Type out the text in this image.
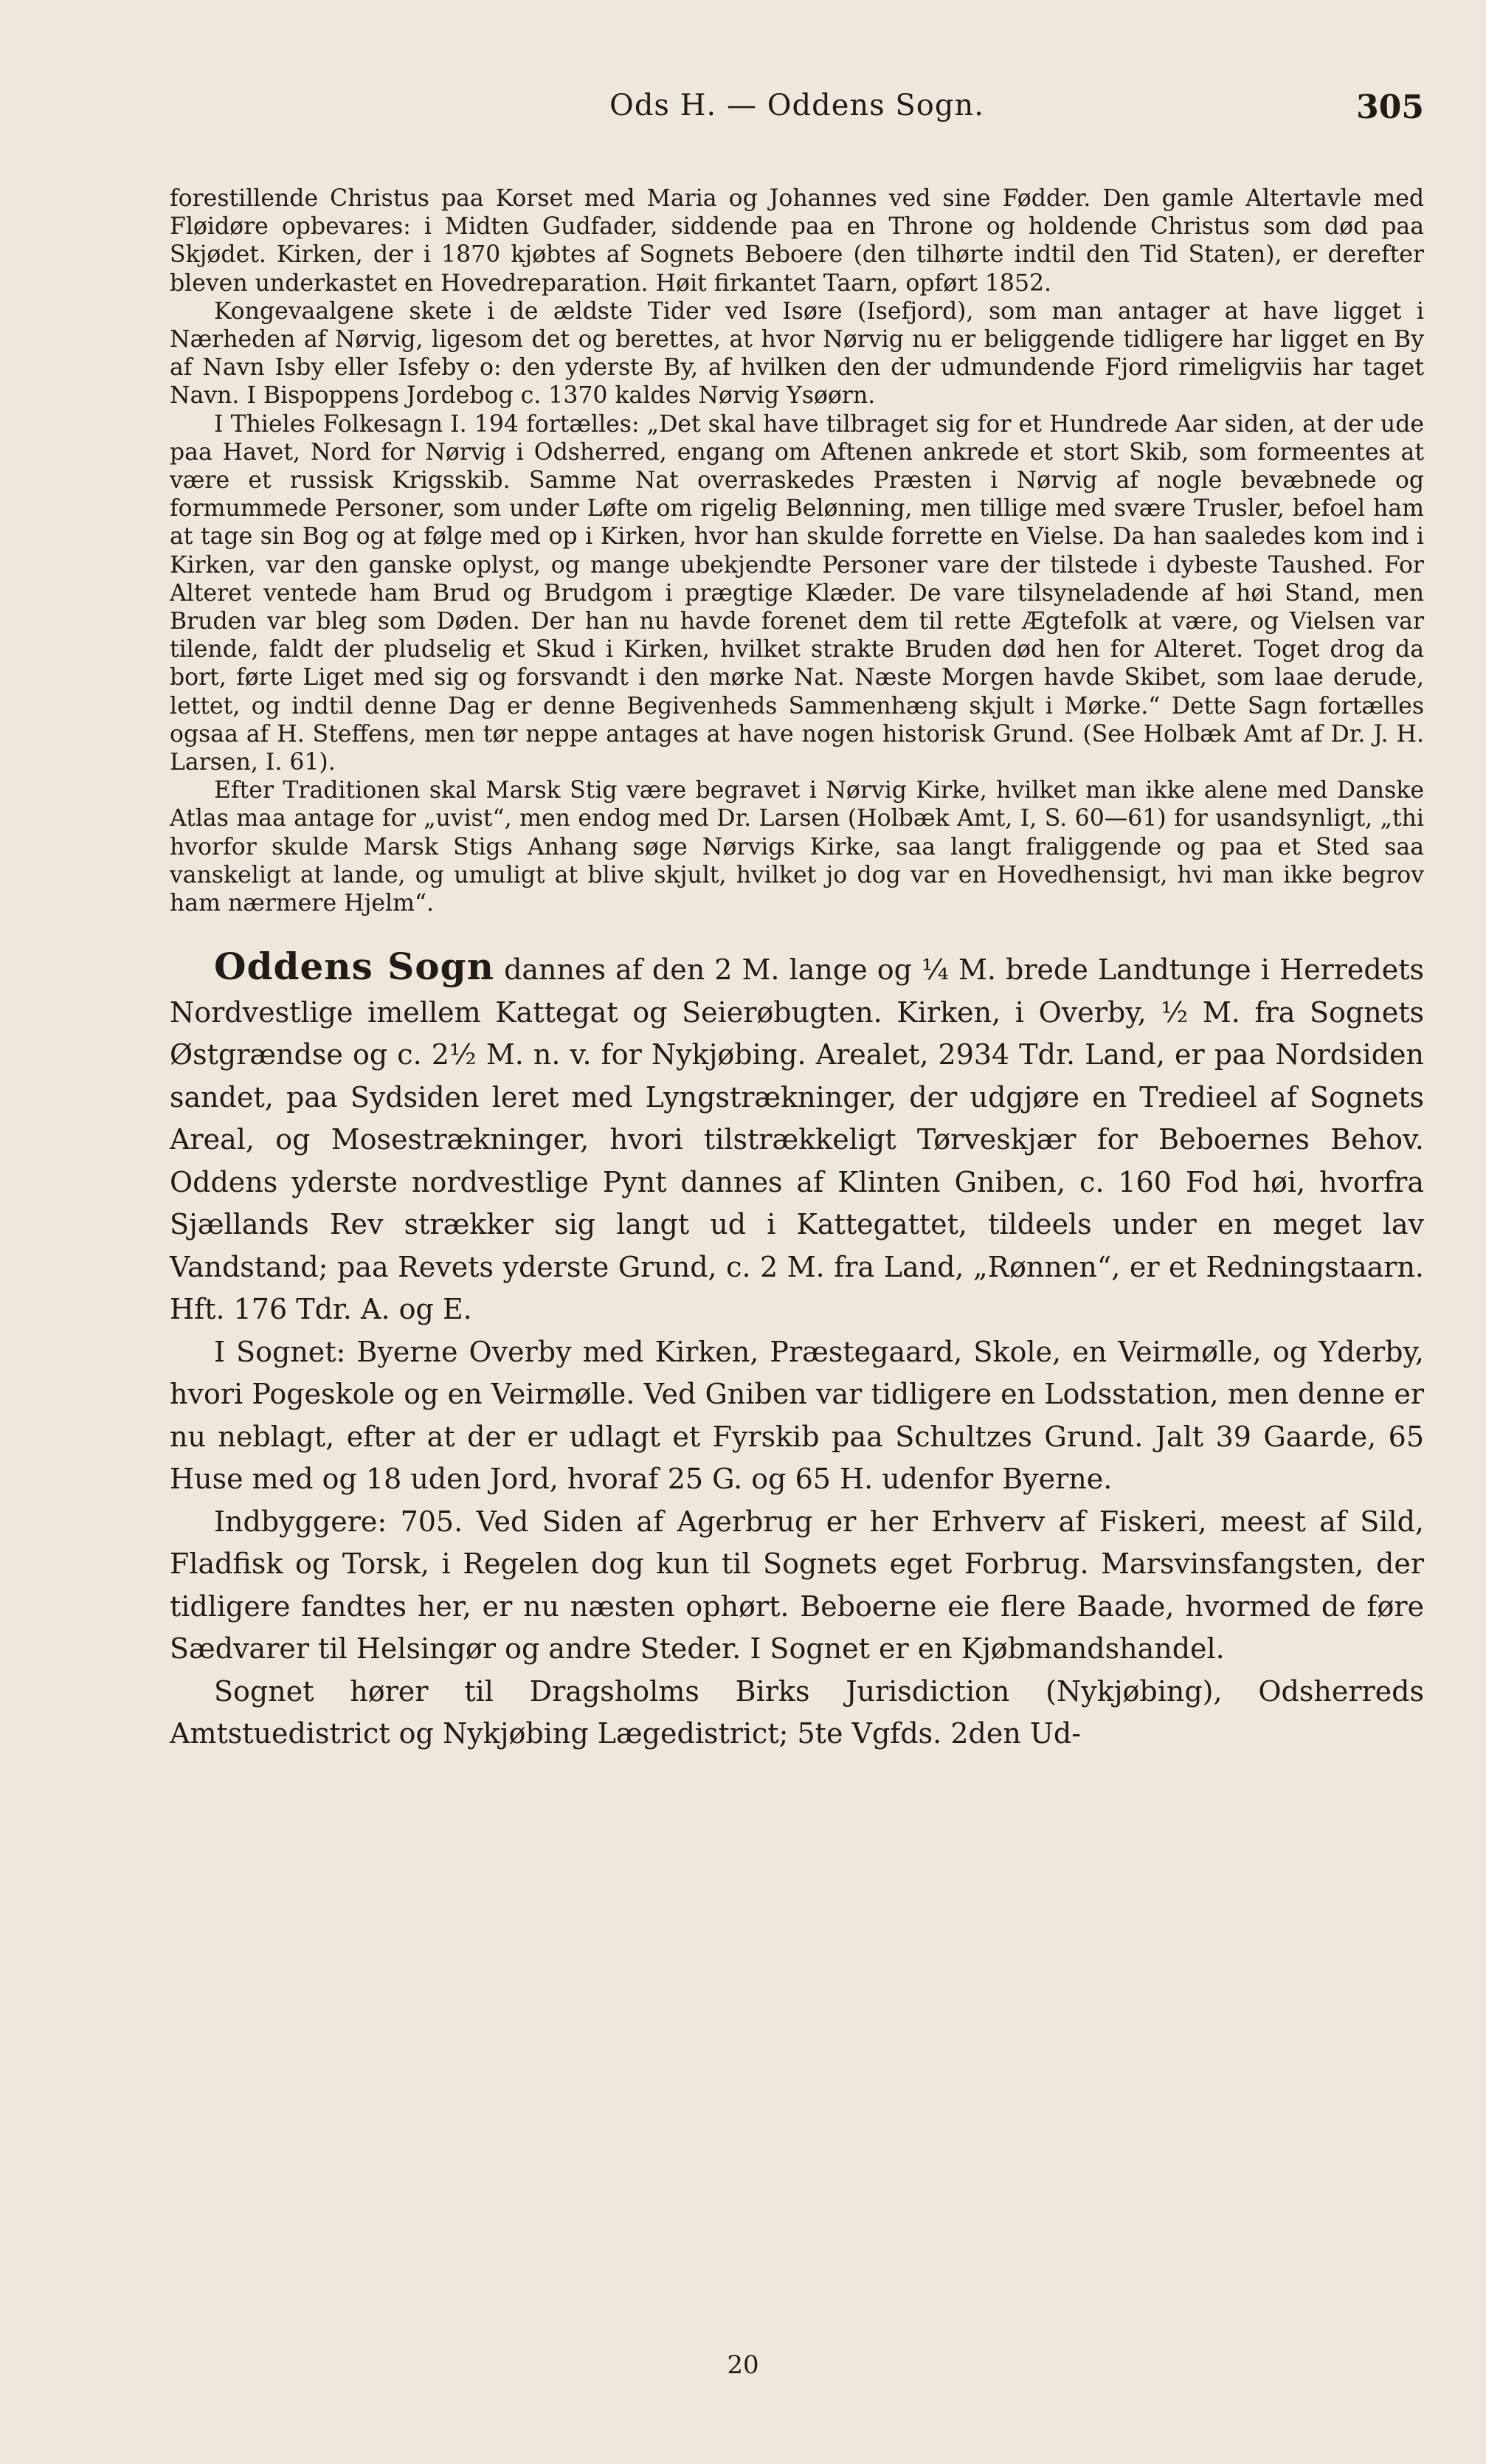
Ods H. — Oddens Sogn.	305

forestillende Christus paa Korset med Maria og Johannes ved sine Fødder. Den gamle Altertavle med Fløidøre opbevares: i Midten Gudfader, siddende paa en Throne og holdende Christus som død paa Skjødet. Kirken, der i 1870 kjøbtes af Sognets Beboere (den tilhørte indtil den Tid Staten), er derefter bleven underkastet en Hovedreparation. Høit firkantet Taarn, opført 1852.

Kongevaalgene skete i de ældste Tider ved Isøre (Isefjord), som man antager at have ligget i Nærheden af Nørvig, ligesom det og berettes, at hvor Nørvig nu er beliggende tidligere har ligget en By af Navn Isby eller Isfeby o: den yderste By, af hvilken den der udmundende Fjord rimeligviis har taget Navn. I Bispoppens Jordebog c. 1370 kaldes Nørvig Ysøørn.

I Thieles Folkesagn I. 194 fortælles: „Det skal have tilbraget sig for et Hundrede Aar siden, at der ude paa Havet, Nord for Nørvig i Odsherred, engang om Aftenen ankrede et stort Skib, som formeentes at være et russisk Krigsskib. Samme Nat overraskedes Præsten i Nørvig af nogle bevæbnede og formummede Personer, som under Løfte om rigelig Belønning, men tillige med svære Trusler, befoel ham at tage sin Bog og at følge med op i Kirken, hvor han skulde forrette en Vielse. Da han saaledes kom ind i Kirken, var den ganske oplyst, og mange ubekjendte Personer vare der tilstede i dybeste Taushed. For Alteret ventede ham Brud og Brudgom i prægtige Klæder. De vare tilsyneladende af høi Stand, men Bruden var bleg som Døden. Der han nu havde forenet dem til rette Ægtefolk at være, og Vielsen var tilende, faldt der pludselig et Skud i Kirken, hvilket strakte Bruden død hen for Alteret. Toget drog da bort, førte Liget med sig og forsvandt i den mørke Nat. Næste Morgen havde Skibet, som laae derude, lettet, og indtil denne Dag er denne Begivenheds Sammenhæng skjult i Mørke.“ Dette Sagn fortælles ogsaa af H. Steffens, men tør neppe antages at have nogen historisk Grund. (See Holbæk Amt af Dr. J. H. Larsen, I. 61).

Efter Traditionen skal Marsk Stig være begravet i Nørvig Kirke, hvilket man ikke alene med Danske Atlas maa antage for „uvist“, men endog med Dr. Larsen (Holbæk Amt, I, S. 60—61) for usandsynligt, „thi hvorfor skulde Marsk Stigs Anhang søge Nørvigs Kirke, saa langt fraliggende og paa et Sted saa vanskeligt at lande, og umuligt at blive skjult, hvilket jo dog var en Hovedhensigt, hvi man ikke begrov ham nærmere Hjelm“.

Oddens Sogn dannes af den 2 M. lange og ¼ M. brede Landtunge i Herredets Nordvestlige imellem Kattegat og Seierøbugten. Kirken, i Overby, ½ M. fra Sognets Østgrændse og c. 2½ M. n. v. for Nykjøbing. Arealet, 2934 Tdr. Land, er paa Nordsiden sandet, paa Sydsiden leret med Lyngstrækninger, der udgjøre en Tredieel af Sognets Areal, og Mosestrækninger, hvori tilstrækkeligt Tørveskjær for Beboernes Behov. Oddens yderste nordvestlige Pynt dannes af Klinten Gniben, c. 160 Fod høi, hvorfra Sjællands Rev strækker sig langt ud i Kattegattet, tildeels under en meget lav Vandstand; paa Revets yderste Grund, c. 2 M. fra Land, „Rønnen“, er et Redningstaarn. Hft. 176 Tdr. A. og E.

I Sognet: Byerne Overby med Kirken, Præstegaard, Skole, en Veirmølle, og Yderby, hvori Pogeskole og en Veirmølle. Ved Gniben var tidligere en Lodsstation, men denne er nu neblagt, efter at der er udlagt et Fyrskib paa Schultzes Grund. Jalt 39 Gaarde, 65 Huse med og 18 uden Jord, hvoraf 25 G. og 65 H. udenfor Byerne.

Indbyggere: 705. Ved Siden af Agerbrug er her Erhverv af Fiskeri, meest af Sild, Fladfisk og Torsk, i Regelen dog kun til Sognets eget Forbrug. Marsvinsfangsten, der tidligere fandtes her, er nu næsten ophørt. Beboerne eie flere Baade, hvormed de føre Sædvarer til Helsingør og andre Steder. I Sognet er en Kjøbmandshandel.

Sognet hører til Dragsholms Birks Jurisdiction (Nykjøbing), Odsherreds Amtstuedistrict og Nykjøbing Lægedistrict; 5te Vgfds. 2den Ud-

20
